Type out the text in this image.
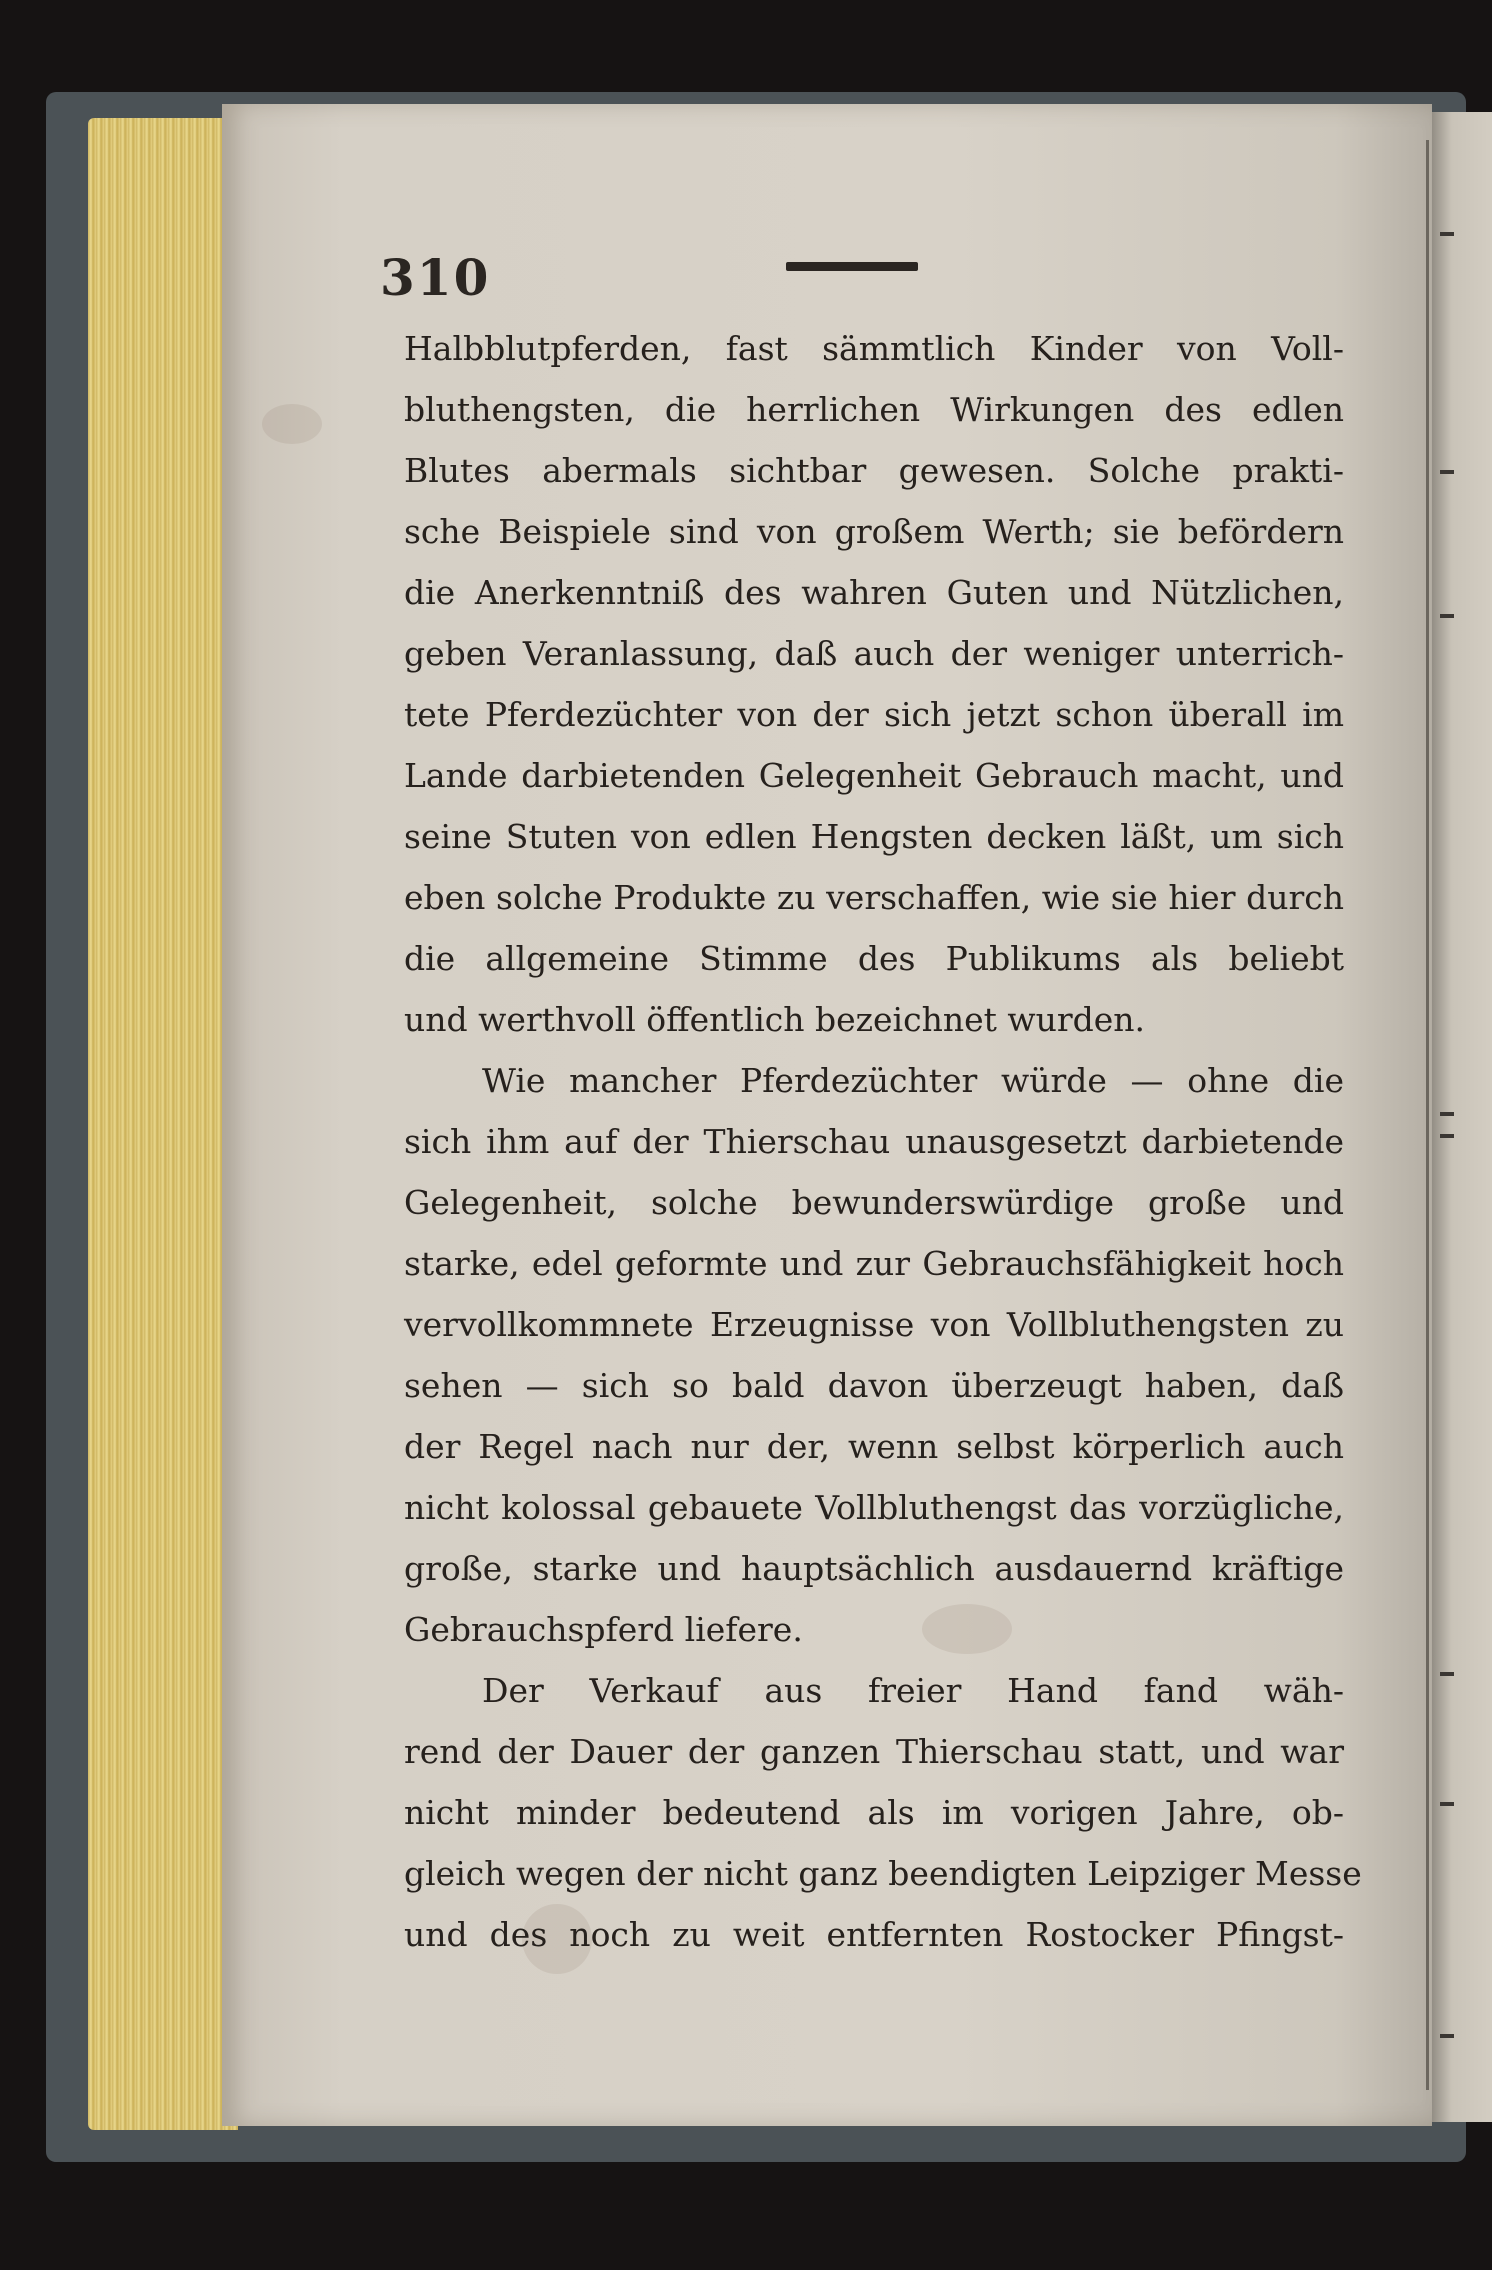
310
Halbblutpferden, fast sämmtlich Kinder von Voll-
bluthengsten, die herrlichen Wirkungen des edlen
Blutes abermals sichtbar gewesen. Solche prakti-
sche Beispiele sind von großem Werth; sie befördern
die Anerkenntniß des wahren Guten und Nützlichen,
geben Veranlassung, daß auch der weniger unterrich-
tete Pferdezüchter von der sich jetzt schon überall im
Lande darbietenden Gelegenheit Gebrauch macht, und
seine Stuten von edlen Hengsten decken läßt, um sich
eben solche Produkte zu verschaffen, wie sie hier durch
die allgemeine Stimme des Publikums als beliebt
und werthvoll öffentlich bezeichnet wurden.
Wie mancher Pferdezüchter würde — ohne die
sich ihm auf der Thierschau unausgesetzt darbietende
Gelegenheit, solche bewunderswürdige große und
starke, edel geformte und zur Gebrauchsfähigkeit hoch
vervollkommnete Erzeugnisse von Vollbluthengsten zu
sehen — sich so bald davon überzeugt haben, daß
der Regel nach nur der, wenn selbst körperlich auch
nicht kolossal gebauete Vollbluthengst das vorzügliche,
große, starke und hauptsächlich ausdauernd kräftige
Gebrauchspferd liefere.
Der Verkauf aus freier Hand fand wäh-
rend der Dauer der ganzen Thierschau statt, und war
nicht minder bedeutend als im vorigen Jahre, ob-
gleich wegen der nicht ganz beendigten Leipziger Messe
und des noch zu weit entfernten Rostocker Pfingst-
